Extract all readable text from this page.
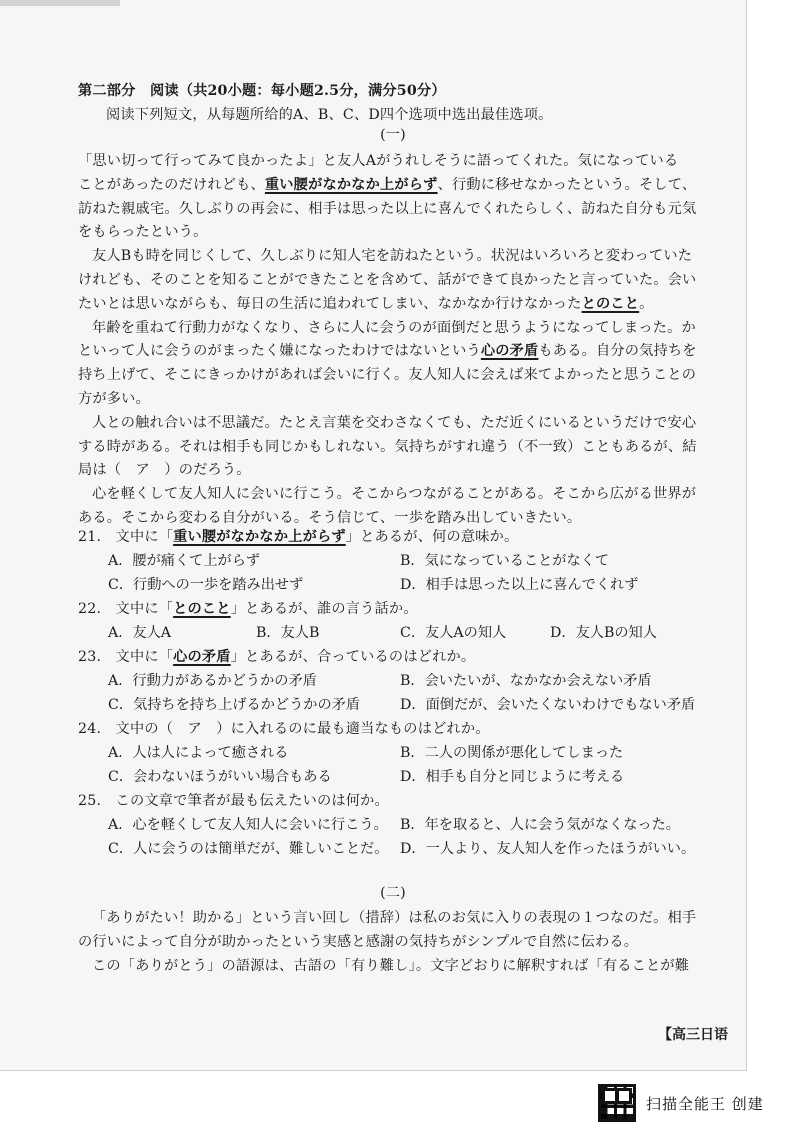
第二部分　阅读（共20小题：每小题2.5分，满分50分）
阅读下列短文，从每题所给的A、B、C、D四个选项中选出最佳选项。
(一)
「思い切って行ってみて良かったよ」と友人Aがうれしそうに語ってくれた。気になっている
ことがあったのだけれども、重い腰がなかなか上がらず、行動に移せなかったという。そして、
訪ねた親戚宅。久しぶりの再会に、相手は思った以上に喜んでくれたらしく、訪ねた自分も元気
をもらったという。
友人Bも時を同じくして、久しぶりに知人宅を訪ねたという。状況はいろいろと変わっていた
けれども、そのことを知ることができたことを含めて、話ができて良かったと言っていた。会い
たいとは思いながらも、毎日の生活に追われてしまい、なかなか行けなかったとのこと。
年齢を重ねて行動力がなくなり、さらに人に会うのが面倒だと思うようになってしまった。か
といって人に会うのがまったく嫌になったわけではないという心の矛盾もある。自分の気持ちを
持ち上げて、そこにきっかけがあれば会いに行く。友人知人に会えば来てよかったと思うことの
方が多い。
人との触れ合いは不思議だ。たとえ言葉を交わさなくても、ただ近くにいるというだけで安心
する時がある。それは相手も同じかもしれない。気持ちがすれ違う（不一致）こともあるが、結
局は（　ア　）のだろう。
心を軽くして友人知人に会いに行こう。そこからつながることがある。そこから広がる世界が
ある。そこから変わる自分がいる。そう信じて、一歩を踏み出していきたい。
21.　文中に「重い腰がなかなか上がらず」とあるが、何の意味か。
A．腰が痛くて上がらず	B．気になっていることがなくて
C．行動への一歩を踏み出せず	D．相手は思った以上に喜んでくれず
22.　文中に「とのこと」とあるが、誰の言う話か。
A．友人A	B．友人B	C．友人Aの知人	D．友人Bの知人
23.　文中に「心の矛盾」とあるが、合っているのはどれか。
A．行動力があるかどうかの矛盾	B．会いたいが、なかなか会えない矛盾
C．気持ちを持ち上げるかどうかの矛盾	D．面倒だが、会いたくないわけでもない矛盾
24.　文中の（　ア　）に入れるのに最も適当なものはどれか。
A．人は人によって癒される	B．二人の関係が悪化してしまった
C．会わないほうがいい場合もある	D．相手も自分と同じように考える
25.　この文章で筆者が最も伝えたいのは何か。
A．心を軽くして友人知人に会いに行こう。 B．年を取ると、人に会う気がなくなった。
C．人に会うのは簡単だが、難しいことだ。 D．一人より、友人知人を作ったほうがいい。
(二)
「ありがたい！助かる」という言い回し（措辞）は私のお気に入りの表現の１つなのだ。相手
の行いによって自分が助かったという実感と感謝の気持ちがシンプルで自然に伝わる。
この「ありがとう」の語源は、古語の「有り難し」。文字どおりに解釈すれば「有ることが難
【高三日语　
扫描全能王 创建
